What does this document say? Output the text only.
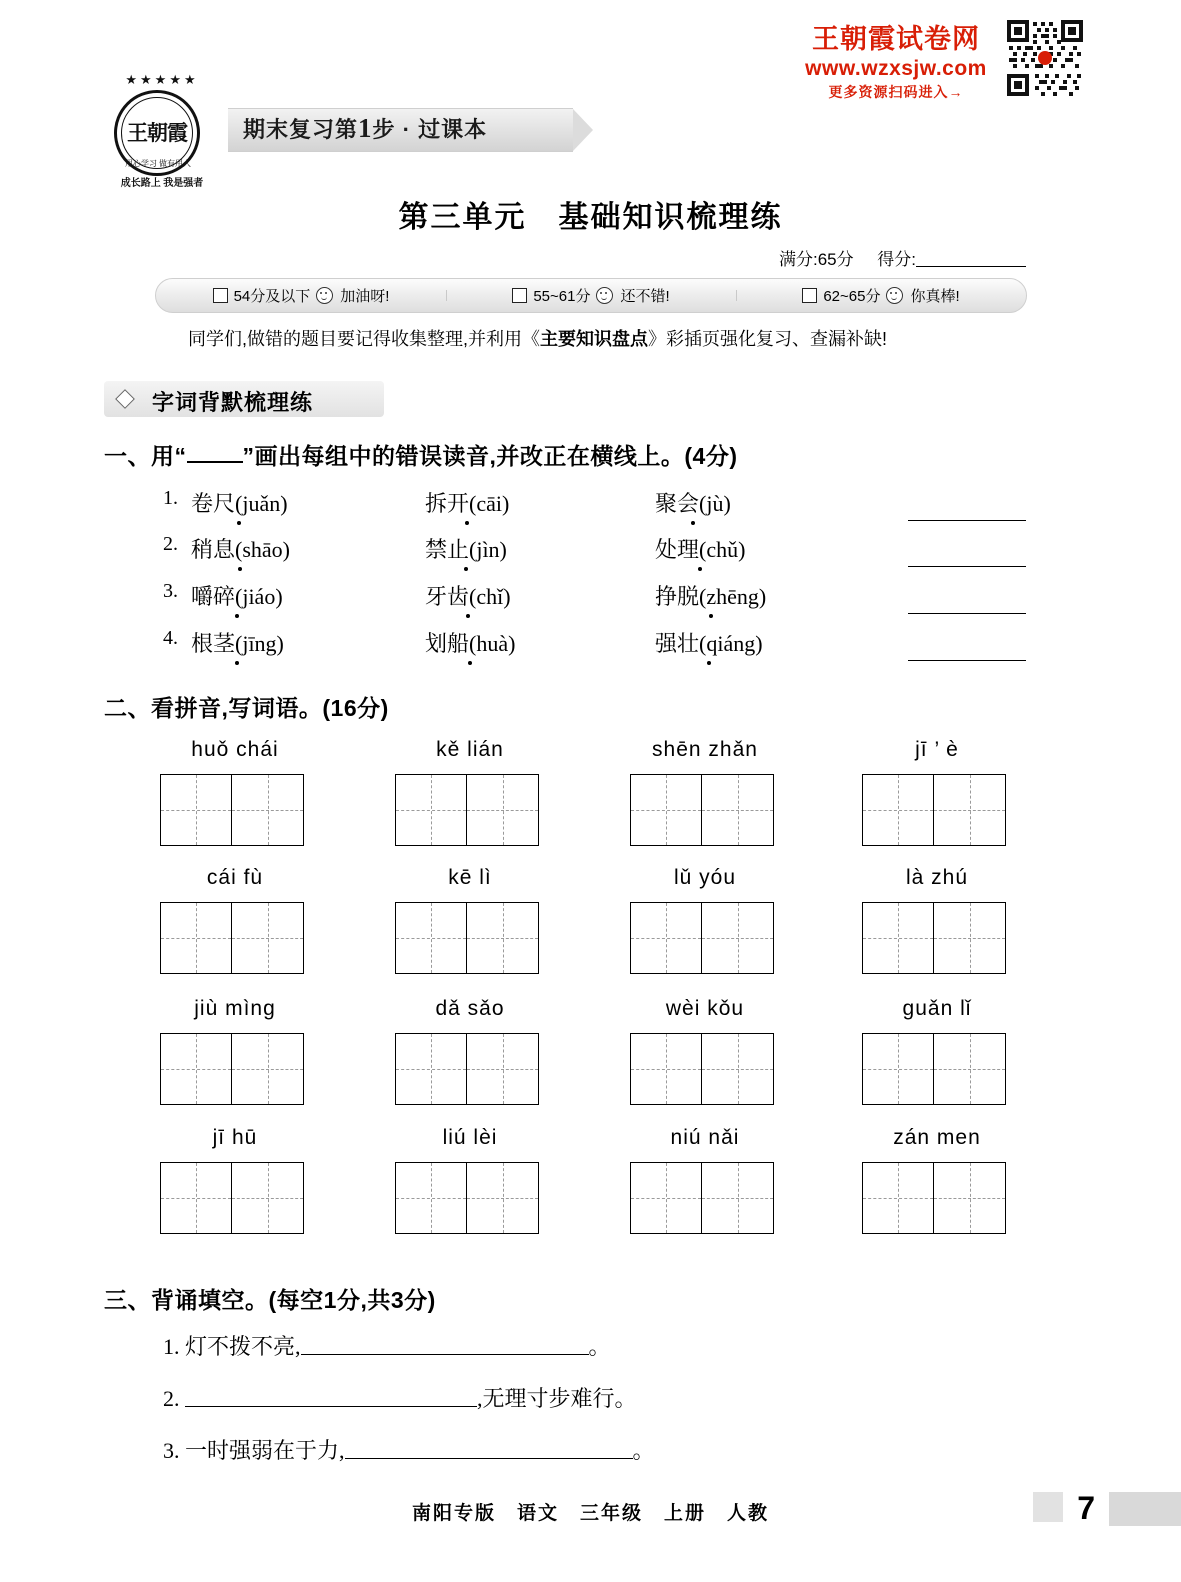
★★★★★
王朝霞
用心学习 做有用人
成长路上 我是强者
期末复习第1步 · 过课本
王朝霞试卷网
www.wzxsjw.com
更多资源扫码进入→
第三单元　基础知识梳理练
满分:65分 得分:
54分及以下 加油呀!	55~61分 还不错!	62~65分 你真棒!
同学们,做错的题目要记得收集整理,并利用《主要知识盘点》彩插页强化复习、查漏补缺!
字词背默梳理练
一、用“ ”画出每组中的错误读音,并改正在横线上。(4分)
1. 卷尺(juǎn)	拆开(cāi)	聚会(jù)
2. 稍息(shāo)	禁止(jìn)	处理(chǔ)
3. 嚼碎(jiáo)	牙齿(chǐ)	挣脱(zhēng)
4. 根茎(jīng)	划船(huà)	强壮(qiáng)
二、看拼音,写词语。(16分)
huǒ chái	kě lián	shēn zhǎn	jī ’ è
cái fù	kē lì	lǔ yóu	là zhú
jiù mìng	dǎ sǎo	wèi kǒu	guǎn lǐ
jī hū	liú lèi	niú nǎi	zán men
三、背诵填空。(每空1分,共3分)
1. 灯不拨不亮,	。
2.	,无理寸步难行。
3. 一时强弱在于力,	。
南阳专版　语文　三年级　上册　人教	7
